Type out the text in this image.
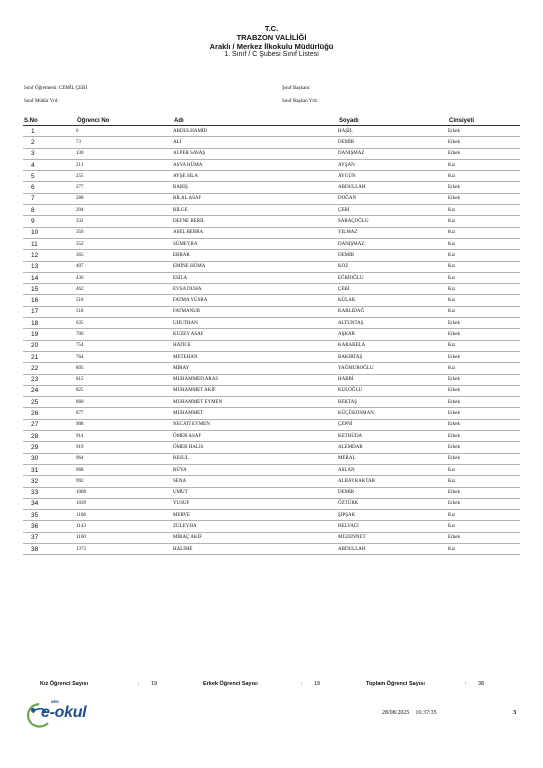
T.C.
TRABZON VALİLİĞİ
Araklı / Merkez İlkokulu Müdürlüğü
1. Sınıf / C Şubesi Sınıf Listesi
Sınıf Öğretmeni: CEMİL ÇEBİ
Sınıf Müdür Yrd:
Şınıf Başkanı:
Sınıf Başkan Yrd:
S.No	Öğrenci No	Adı	Soyadı	Cinsiyeti
1	6	ABDULHAMİD	HAŞIL	Erkek
2	73	ALİ	DEMİR	Erkek
3	130	ALPER SAVAŞ	DANIŞMAZ	Erkek
4	211	ASYA HÜMA	AYŞAN	Kız
5	255	AYŞE SILA	AYGÜN	Kız
6	277	BARIŞ	ABDULLAH	Erkek
7	288	BİLAL ASAF	DOĞAN	Erkek
8	294	BİLGE	ÇEBİ	Kız
9	332	DEFNE BERİL	SARAÇOĞLU	Kız
10	350	ASEL BERRA	YILMAZ	Kız
11	352	SÜMEYRA	DANIŞMAZ	Kız
12	365	EBRAR	DEMİR	Kız
13	407	EMİNE HÜMA	KOZ	Kız
14	436	ESİLA	EĞRİOĞLU	Kız
15	462	EVSA DUHA	ÇEBİ	Kız
16	510	FATMA YÜSRA	KÜLAK	Kız
17	518	FATMANUR	KARLIDAĞ	Kız
18	635	UHUTHAN	ALTUNTAŞ	Erkek
19	706	KUZEY ASAF	AŞKAR	Erkek
20	754	HATİCE	KARABELA	Kız
21	764	METEHAN	BAKIRTAŞ	Erkek
22	805	MİRAY	YAĞMUROĞLU	Kız
23	815	MUHAMMED ARAS	HABBİ	Erkek
24	825	MUHAMMET AKİF	KULOĞLU	Erkek
25	860	MUHAMMET EYMEN	BEKTAŞ	Erkek
26	877	MUHAMMET	KÜÇÜKOSMAN	Erkek
27	908	NECATİ EYMEN	ÇEPNİ	Erkek
28	914	ÖMER ASAF	KETHÜDA	Erkek
29	919	ÖMER HALİS	ALEMDAR	Erkek
30	964	RESUL	MERAL	Erkek
31	968	RÜYA	ASLAN	Kız
32	992	SENA	ALBAYRAKTAR	Kız
33	1008	UMUT	DEMİR	Erkek
34	1039	YUSUF	ÖZTÜRK	Erkek
35	1108	MERVE	ŞİPŞAK	Kız
36	1143	ZÜLEYHA	HELVACI	Kız
37	1160	MİRAÇ AKİF	MÜZENNET	Erkek
38	1373	HALİME	ABDULLAH	Kız
Kız Öğrenci Sayısı	: 19	Erkek Öğrenci Sayısı	: 19	Toplam Öğrenci Sayısı	: 38
MEB
e-okul	28/08/2025    16:37:35	3
